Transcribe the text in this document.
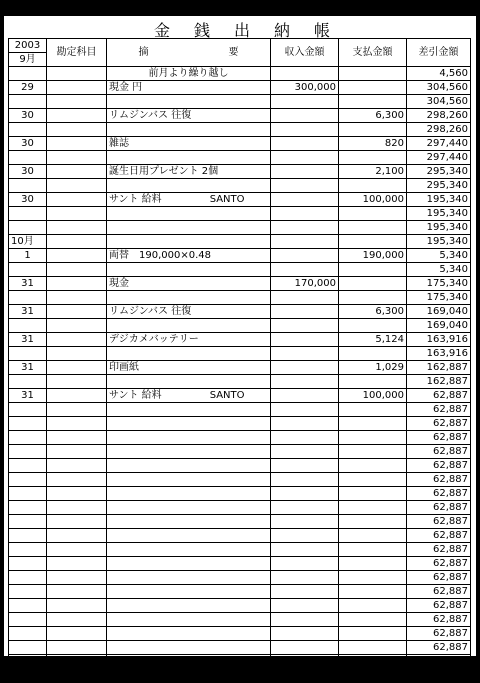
金 銭 出 納 帳
2003	勘定科目	摘 要	収入金額	支払金額	差引金額
9月					
		前月より繰り越し			4,560
29		現金 円	300,000		304,560
					304,560
30		リムジンバス 往復		6,300	298,260
					298,260
30		雑誌		820	297,440
					297,440
30		誕生日用プレゼント 2個		2,100	295,340
					295,340
30		サント 給料 SANTO		100,000	195,340
					195,340
					195,340
10月					195,340
1		両替　190,000×0.48		190,000	5,340
					5,340
31		現金	170,000		175,340
					175,340
31		リムジンバス 往復		6,300	169,040
					169,040
31		デジカメバッテリー		5,124	163,916
					163,916
31		印画紙		1,029	162,887
					162,887
31		サント 給料 SANTO		100,000	62,887
					62,887
					62,887
					62,887
					62,887
					62,887
					62,887
					62,887
					62,887
					62,887
					62,887
					62,887
					62,887
					62,887
					62,887
					62,887
					62,887
					62,887
					62,887
					62,887
	合計	￥	470,000	411,673	58,327
